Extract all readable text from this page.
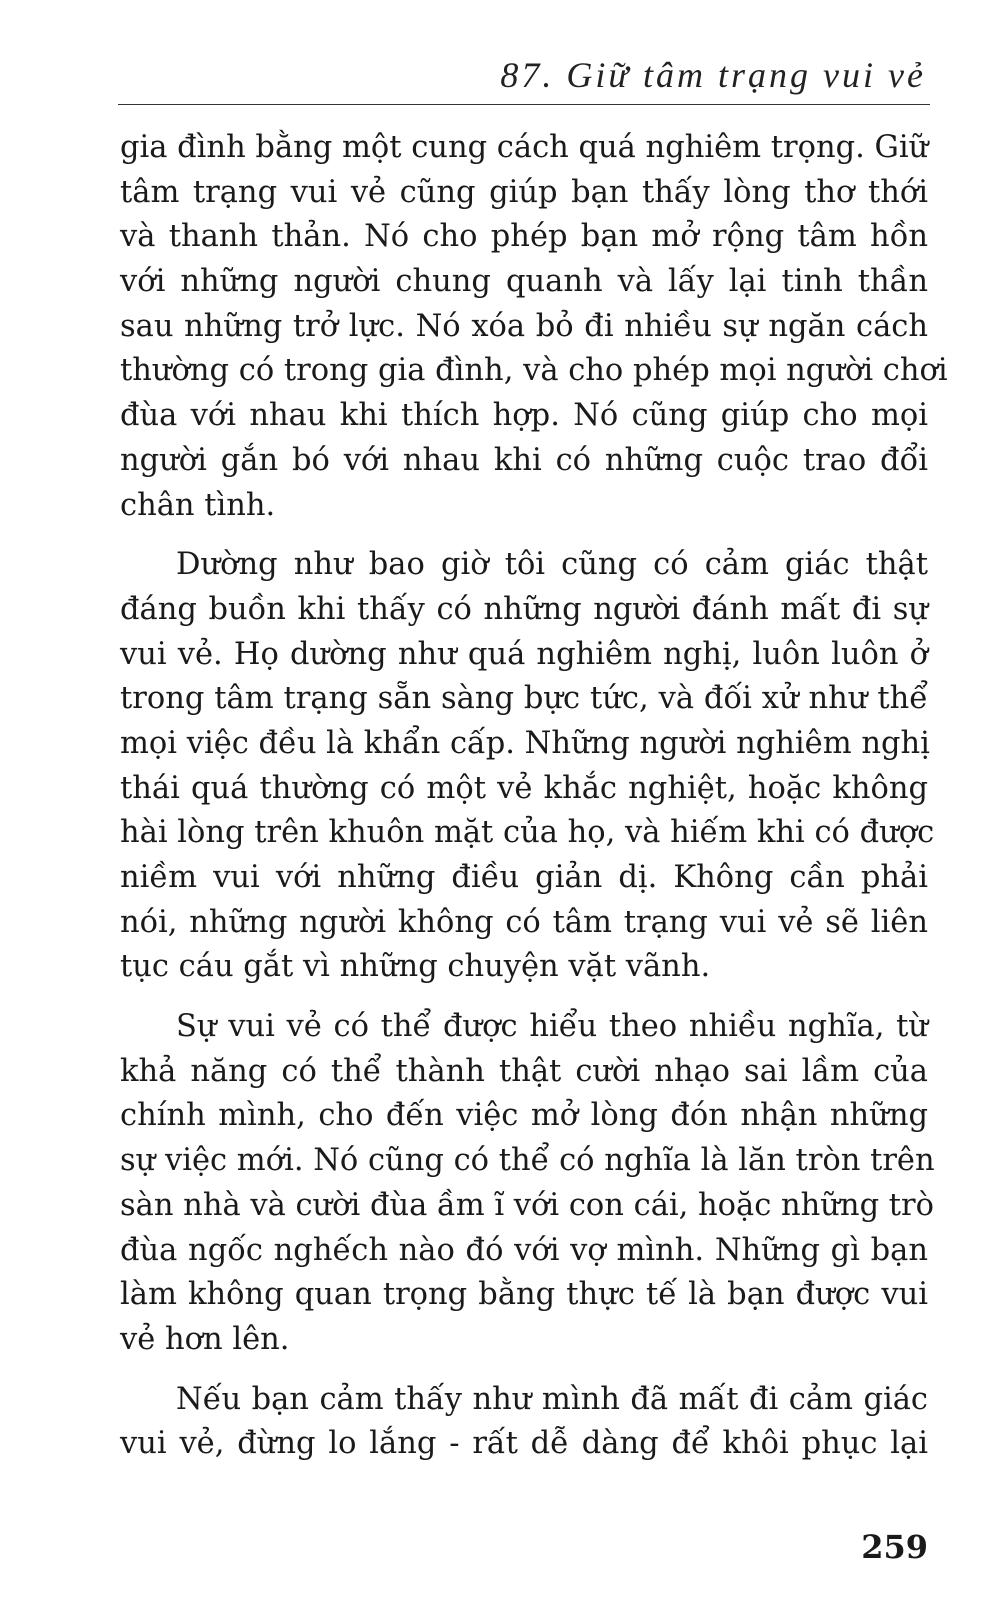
87. Giữ tâm trạng vui vẻ
gia đình bằng một cung cách quá nghiêm trọng. Giữ
tâm trạng vui vẻ cũng giúp bạn thấy lòng thơ thới
và thanh thản. Nó cho phép bạn mở rộng tâm hồn
với những người chung quanh và lấy lại tinh thần
sau những trở lực. Nó xóa bỏ đi nhiều sự ngăn cách
thường có trong gia đình, và cho phép mọi người chơi
đùa với nhau khi thích hợp. Nó cũng giúp cho mọi
người gắn bó với nhau khi có những cuộc trao đổi
chân tình.
Dường như bao giờ tôi cũng có cảm giác thật
đáng buồn khi thấy có những người đánh mất đi sự
vui vẻ. Họ dường như quá nghiêm nghị, luôn luôn ở
trong tâm trạng sẵn sàng bực tức, và đối xử như thể
mọi việc đều là khẩn cấp. Những người nghiêm nghị
thái quá thường có một vẻ khắc nghiệt, hoặc không
hài lòng trên khuôn mặt của họ, và hiếm khi có được
niềm vui với những điều giản dị. Không cần phải
nói, những người không có tâm trạng vui vẻ sẽ liên
tục cáu gắt vì những chuyện vặt vãnh.
Sự vui vẻ có thể được hiểu theo nhiều nghĩa, từ
khả năng có thể thành thật cười nhạo sai lầm của
chính mình, cho đến việc mở lòng đón nhận những
sự việc mới. Nó cũng có thể có nghĩa là lăn tròn trên
sàn nhà và cười đùa ầm ĩ với con cái, hoặc những trò
đùa ngốc nghếch nào đó với vợ mình. Những gì bạn
làm không quan trọng bằng thực tế là bạn được vui
vẻ hơn lên.
Nếu bạn cảm thấy như mình đã mất đi cảm giác
vui vẻ, đừng lo lắng - rất dễ dàng để khôi phục lại
259
